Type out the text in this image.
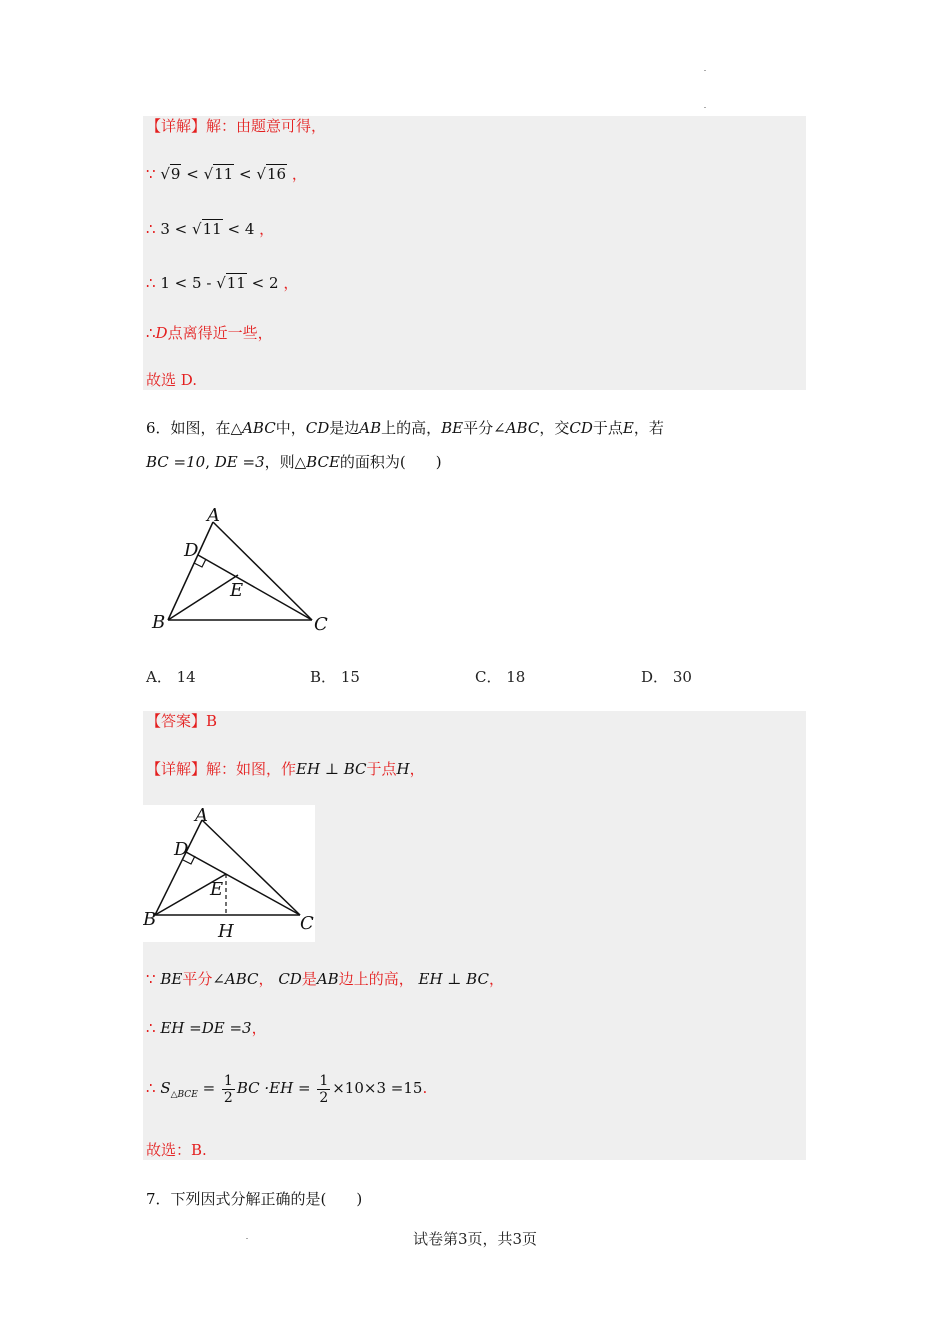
【详解】解：由题意可得，
∵ √9 < √11 < √16 ，
∴ 3 < √11 < 4 ，
∴ 1 < 5 - √11 < 2 ，
∴D点离得近一些，
故选 D.
6．如图，在△ABC中，CD是边AB上的高，BE平分∠ABC，交CD于点E，若
BC =10, DE =3，则△BCE的面积为(　　)
A
D
E
B	C
A． 14	B． 15	C． 18	D． 30
【答案】B
【详解】解：如图，作EH ⊥ BC于点H，
A
D
E
B	C
H
∵ BE平分∠ABC， CD是AB边上的高， EH ⊥ BC，
∴ EH =DE =3，
∴ $S_{\triangle BCE} = \frac{1}{2}$ BC $\cdot EH = \frac{1}{2} \times 10\times 3 =15$.
故选：B.
7．下列因式分解正确的是(　　)
试卷第3页，共3页
